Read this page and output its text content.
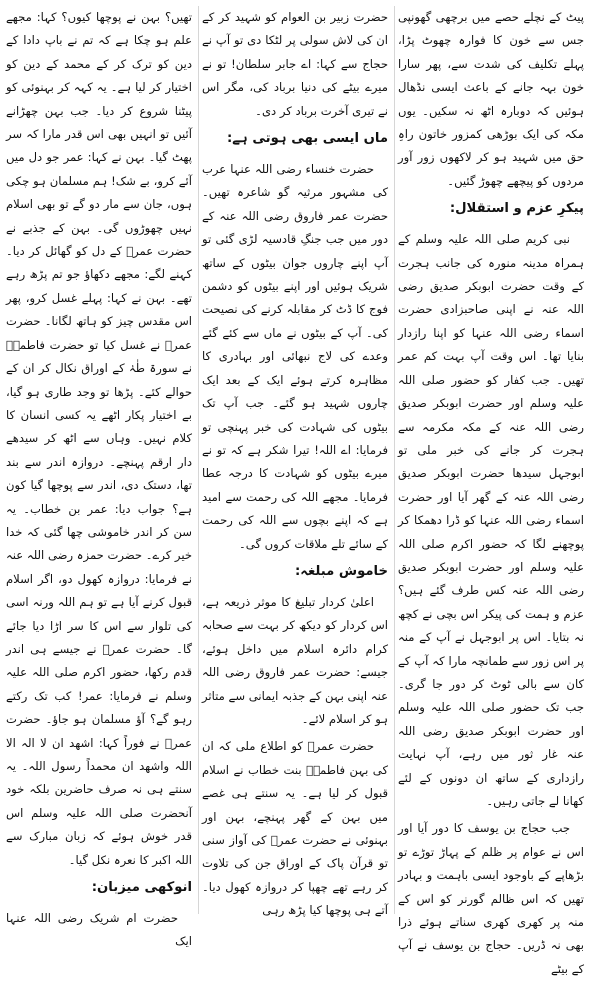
پیٹ کے نچلے حصے میں برچھی گھونپی جس سے خون کا فوارہ چھوٹ پڑا، پہلے تکلیف کی شدت سے، پھر سارا خون بہہ جانے کے باعث ایسی نڈھال ہوئیں کہ دوبارہ اٹھ نہ سکیں۔ یوں مکہ کی ایک بوڑھی کمزور خاتون راہِ حق میں شہید ہو کر لاکھوں زور آور مردوں کو پیچھے چھوڑ گئیں۔

پیکرِ عزم و استقلال:

نبی کریم صلی اللہ علیہ وسلم کے ہمراہ مدینہ منورہ کی جانب ہجرت کے وقت حضرت ابوبکر صدیق رضی اللہ عنہ نے اپنی صاحبزادی حضرت اسماء رضی اللہ عنہا کو اپنا رازدار بنایا تھا۔ اس وقت آپ بہت کم عمر تھیں۔ جب کفار کو حضور صلی اللہ علیہ وسلم اور حضرت ابوبکر صدیق رضی اللہ عنہ کے مکہ مکرمہ سے ہجرت کر جانے کی خبر ملی تو ابوجہل سیدھا حضرت ابوبکر صدیق رضی اللہ عنہ کے گھر آیا اور حضرت اسماء رضی اللہ عنہا کو ڈرا دھمکا کر پوچھنے لگا کہ حضور اکرم صلی اللہ علیہ وسلم اور حضرت ابوبکر صدیق رضی اللہ عنہ کس طرف گئے ہیں؟ عزم و ہمت کی پیکر اس بچی نے کچھ نہ بتایا۔ اس پر ابوجہل نے آپ کے منہ پر اس زور سے طمانچہ مارا کہ آپ کے کان سے بالی ٹوٹ کر دور جا گری۔ جب تک حضور صلی اللہ علیہ وسلم اور حضرت ابوبکر صدیق رضی اللہ عنہ غار ثور میں رہے، آپ نہایت رازداری کے ساتھ ان دونوں کے لئے کھانا لے جاتی رہیں۔

جب حجاج بن یوسف کا دور آیا اور اس نے عوام پر ظلم کے پہاڑ توڑے تو بڑھاپے کے باوجود ایسی باہمت و بہادر تھیں کہ اس ظالم گورنر کو اس کے منہ پر کھری کھری سناتے ہوئے ذرا بھی نہ ڈریں۔ حجاج بن یوسف نے آپ کے بیٹے

حضرت زبیر بن العوام کو شہید کر کے ان کی لاش سولی پر لٹکا دی تو آپ نے حجاج سے کہا: اے جابر سلطان! تو نے میرے بیٹے کی دنیا برباد کی، مگر اس نے تیری آخرت برباد کر دی۔

ماں ایسی بھی ہوتی ہے:

حضرت خنساء رضی اللہ عنہا عرب کی مشہور مرثیہ گو شاعرہ تھیں۔ حضرت عمر فاروق رضی اللہ عنہ کے دور میں جب جنگِ قادسیہ لڑی گئی تو آپ اپنے چاروں جوان بیٹوں کے ساتھ شریک ہوئیں اور اپنے بیٹوں کو دشمن فوج کا ڈٹ کر مقابلہ کرنے کی نصیحت کی۔ آپ کے بیٹوں نے ماں سے کئے گئے وعدے کی لاج نبھائی اور بہادری کا مظاہرہ کرتے ہوئے ایک کے بعد ایک چاروں شہید ہو گئے۔ جب آپ تک بیٹوں کی شہادت کی خبر پہنچی تو فرمایا: اے اللہ! تیرا شکر ہے کہ تو نے میرے بیٹوں کو شہادت کا درجہ عطا فرمایا۔ مجھے اللہ کی رحمت سے امید ہے کہ اپنے بچوں سے اللہ کی رحمت کے سائے تلے ملاقات کروں گی۔

خاموش مبلغہ:

اعلیٰ کردار تبلیغ کا موثر ذریعہ ہے، اس کردار کو دیکھ کر بہت سے صحابہ کرام دائرہ اسلام میں داخل ہوئے، جیسے: حضرت عمر فاروق رضی اللہ عنہ اپنی بہن کے جذبہ ایمانی سے متاثر ہو کر اسلام لائے۔

حضرت عمرؓ کو اطلاع ملی کہ ان کی بہن فاطمہؓ بنت خطاب نے اسلام قبول کر لیا ہے۔ یہ سنتے ہی غصے میں بہن کے گھر پہنچے، بہن اور بہنوئی نے حضرت عمرؓ کی آواز سنی تو قرآن پاک کے اوراق جن کی تلاوت کر رہے تھے چھپا کر دروازہ کھول دیا۔ آتے ہی پوچھا کیا پڑھ رہی

تھیں؟ بہن نے پوچھا کیوں؟ کہا: مجھے علم ہو چکا ہے کہ تم نے باپ دادا کے دین کو ترک کر کے محمد کے دین کو اختیار کر لیا ہے۔ یہ کہہ کر بہنوئی کو پیٹنا شروع کر دیا۔ جب بہن چھڑانے آئیں تو انہیں بھی اس قدر مارا کہ سر پھٹ گیا۔ بہن نے کہا: عمر جو دل میں آئے کرو، بے شک! ہم مسلمان ہو چکی ہوں، جان سے مار دو گے تو بھی اسلام نہیں چھوڑوں گی۔ بہن کے جذبے نے حضرت عمرؓ کے دل کو گھائل کر دیا۔ کہنے لگے: مجھے دکھاؤ جو تم پڑھ رہے تھے۔ بہن نے کہا: پہلے غسل کرو، پھر اس مقدس چیز کو ہاتھ لگانا۔ حضرت عمرؓ نے غسل کیا تو حضرت فاطمہؓ نے سورۃ طٰہٰ کے اوراق نکال کر ان کے حوالے کئے۔ پڑھا تو وجد طاری ہو گیا، بے اختیار پکار اٹھے یہ کسی انسان کا کلام نہیں۔ وہاں سے اٹھ کر سیدھے دار ارقم پہنچے۔ دروازہ اندر سے بند تھا، دستک دی، اندر سے پوچھا گیا کون ہے؟ جواب دیا: عمر بن خطاب۔ یہ سن کر اندر خاموشی چھا گئی کہ خدا خیر کرے۔ حضرت حمزہ رضی اللہ عنہ نے فرمایا: دروازہ کھول دو، اگر اسلام قبول کرنے آیا ہے تو ہم اللہ ورنہ اسی کی تلوار سے اس کا سر اڑا دیا جائے گا۔ حضرت عمرؓ نے جیسے ہی اندر قدم رکھا، حضور اکرم صلی اللہ علیہ وسلم نے فرمایا: عمر! کب تک رکتے رہو گے؟ آؤ مسلمان ہو جاؤ۔ حضرت عمرؓ نے فوراً کہا: اشھد ان لا الہ الا اللہ واشھد ان محمداً رسول اللہ۔ یہ سنتے ہی نہ صرف حاضرین بلکہ خود آنحضرت صلی اللہ علیہ وسلم اس قدر خوش ہوئے کہ زبان مبارک سے اللہ اکبر کا نعرہ نکل گیا۔

انوکھی میزبان:

حضرت ام شریک رضی اللہ عنہا ایک
